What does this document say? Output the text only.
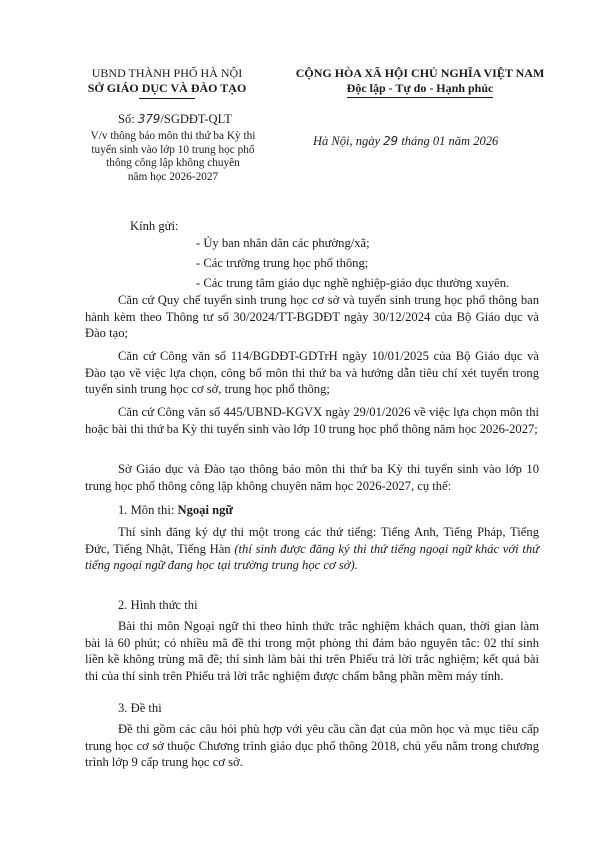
UBND THÀNH PHỐ HÀ NỘI
SỞ GIÁO DỤC VÀ ĐÀO TẠO
CỘNG HÒA XÃ HỘI CHỦ NGHĨA VIỆT NAM
Độc lập - Tự do - Hạnh phúc
Số: 379/SGDĐT-QLT
V/v thông báo môn thi thứ ba Kỳ thi
tuyển sinh vào lớp 10 trung học phổ
thông công lập không chuyên
năm học 2026-2027
Hà Nội, ngày 29 tháng 01 năm 2026
Kính gửi:
- Ủy ban nhân dân các phường/xã;
- Các trường trung học phổ thông;
- Các trung tâm giáo dục nghề nghiệp-giáo dục thường xuyên.
Căn cứ Quy chế tuyển sinh trung học cơ sở và tuyển sinh trung học phổ thông ban hành kèm theo Thông tư số 30/2024/TT-BGDĐT ngày 30/12/2024 của Bộ Giáo dục và Đào tạo;
Căn cứ Công văn số 114/BGDĐT-GDTrH ngày 10/01/2025 của Bộ Giáo dục và Đào tạo về việc lựa chọn, công bố môn thi thứ ba và hướng dẫn tiêu chí xét tuyển trong tuyển sinh trung học cơ sở, trung học phổ thông;
Căn cứ Công văn số 445/UBND-KGVX ngày 29/01/2026 về việc lựa chọn môn thi hoặc bài thi thứ ba Kỳ thi tuyển sinh vào lớp 10 trung học phổ thông năm học 2026-2027;
Sở Giáo dục và Đào tạo thông báo môn thi thứ ba Kỳ thi tuyển sinh vào lớp 10 trung học phổ thông công lập không chuyên năm học 2026-2027, cụ thể:
1. Môn thi: Ngoại ngữ
Thí sinh đăng ký dự thi một trong các thứ tiếng: Tiếng Anh, Tiếng Pháp, Tiếng Đức, Tiếng Nhật, Tiếng Hàn (thí sinh được đăng ký thi thứ tiếng ngoại ngữ khác với thứ tiếng ngoại ngữ đang học tại trường trung học cơ sở).
2. Hình thức thi
Bài thi môn Ngoại ngữ thi theo hình thức trắc nghiệm khách quan, thời gian làm bài là 60 phút; có nhiều mã đề thi trong một phòng thi đảm bảo nguyên tắc: 02 thí sinh liền kề không trùng mã đề; thí sinh làm bài thi trên Phiếu trả lời trắc nghiệm; kết quả bài thi của thí sinh trên Phiếu trả lời trắc nghiệm được chấm bằng phần mềm máy tính.
3. Đề thi
Đề thi gồm các câu hỏi phù hợp với yêu cầu cần đạt của môn học và mục tiêu cấp trung học cơ sở thuộc Chương trình giáo dục phổ thông 2018, chủ yếu nằm trong chương trình lớp 9 cấp trung học cơ sở.
